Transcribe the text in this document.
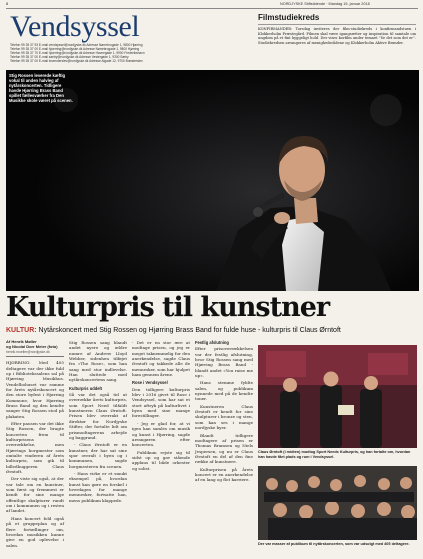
8	NORDJYSKE Stiftstidende · Mandag 15. januar 2018
Vendsyssel
Telefon 99 35 37 93 E-mail vendsyssel@nordjyske.dk Adresse Nørrebrogade 1, 9800 Hjørring
Telefon 99 35 37 00 E-mail hjoerring@nordjyske.dk Adresse Nørrebrogade 1, 9800 Hjørring
Telefon 99 35 37 70 E-mail hjoerring@nordjyske.dk Adresse Havnegade 1, 9900 Frederikshavn
Telefon 99 35 37 00 E-mail saeby@nordjyske.dk Adresse Vestergade 1, 9300 Sæby
Telefon 99 35 37 00 E-mail broenderslev@nordjyske.dk Adresse Algade 12, 9700 Brønderslev
Filmstudiekreds
KONFIRMANDER: Torsdag inviteres der film-studiekreds i konfirmandstuen i Klokkerholm Præstegård. Filmen skal være igangsætter og inspiration til samtale om ungdom på et fint hyggeligt hold. Der vises korfilm under temaet ”Se det som det er”. Studiekredsen arrangeres af menighedsrådene og Klokkerholm Aktive Brønder.
Stig Rossen leverede kæftig vokal til anden halvleg af nytårskoncerten. Tidligere havde Hjørring Brass Band spillet fællesværker fra Den Musikke skole været på scenen.
Kulturpris til kunstner
KULTUR: Nytårskoncert med Stig Rossen og Hjørring Brass Band for fulde huse - kulturpris til Claus Ørntoft
Af Henrik Møller
og Nicolai Dorr Meier (foto)
henrik.moeller@nordjyske.dk

HJØRRING: Med 405 deltagere var der ikke fuld op i Bibliotekssalens sal på Hjørring Musikhus. Vendelbohuset var ramme for årets nytårskoncert og den store byfest i Hjørring Kommune, hvor Hjørring Brass Band og den kendte sanger Stig Rossen stod på plakaten.

Efter pausen var det ikke Stig Rossen, der bragte koncerten frem til kulturprisens overrækkelse, men Hjørrings borgmester som omtalte vinderen af årets kulturpris, som gik til billedhuggeren Claus Ørntoft.

Der viste sig også, at der var tale om en kunstner, som først og fremmest er kendt for sine mange offentlige skulpturer rundt om i kommunen og i resten af landet.

Hans koncert fold også på et gruppeplan og af flere fortællinger om, hvordan musikken kunne give en god oplevelse i salen.

Stig Rossen sang blandt andet nyere og ældre numre af Andrew Lloyd Webber, sidenhen tilføjet fra »The Rose«, som han sang med stor indlevelse. Han sluttede med nytårskoncertens sang.

Kulturpris uddelt

Så var det også tid at overrække årets kulturpris, som Sport Need tilfaldt kunstneren Claus Ørntoft. Prisen blev overrakt af direktør for Nordjyske Stifter, der fortalte lidt om prismodtagerens arbejde og baggrund.

- Claus Ørntoft er en kunstner, der har sat sine spor overalt i byen og i kommunen, sagde borgmesteren fra scenen.

- Hans virke er et smukt eksempel på, hvordan kunst kan gøre en forskel i hverdagen for mange mennesker, fortsatte han, mens publikum klappede.

- Det er en stor ære at modtage prisen, og jeg er meget taknemmelig for den anerkendelse, sagde Claus Ørntoft og takkede alle de mennesker, som har hjulpet ham gennem årene.

Rose i Vendsyssel

Den tidligere kulturpris blev i 2016 givet til Rose i Vendsyssel, som har sat et stort aftryk på kulturlivet i byen med sine mange forestillinger.

- Jeg er glad for, at vi igen kan samles om musik og kunst i Hjørring, sagde arrangøren efter koncerten.

Publikum rejste sig til sidst op og gav stående applaus til både orkester og solist.

Festlig afslutning

Efter prisoverrækkelsen var der festlig afslutning, hvor Stig Rossen sang med Hjørring Brass Band - blandt andet »You raise me up«.

Hans stemme fyldte salen, og publikum nynnede med på de kendte toner.

Kunstneren Claus Ørntoft er kendt for sine skulpturer i bronze og sten, som kan ses i mange nordjyske byer.

Blandt tidligere modtagere af prisen er Thomas Bramsen og Niels Jespersen, og nu er Claus Ørntoft en del af den fine række af kunstnere.

Kulturprisen på årets koncert er en anerkendelse af en lang og flot karriere.

Claus Ørntoft (i midten) modtog Sport Needs Kulturpris, og han fortalte om, hvordan han havde fået plads og rum i Vendsyssel.
Der var masser af publikum til nytårskoncerten, som var udsolgt med 405 deltagere.
